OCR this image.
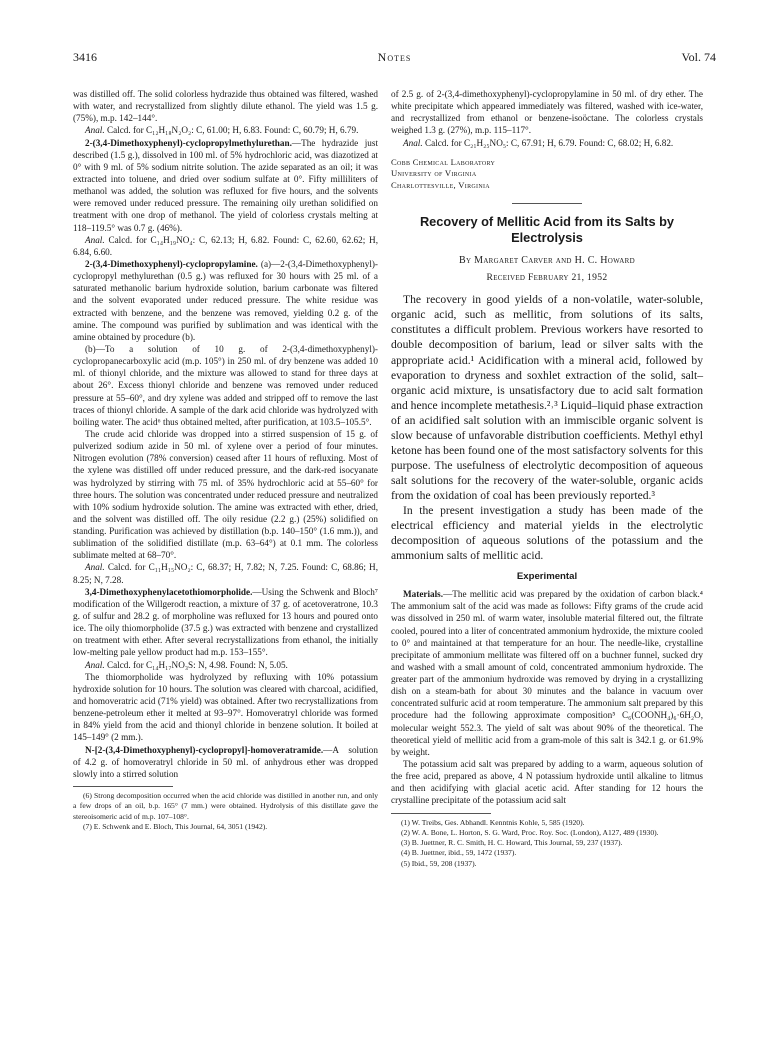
3416	Notes	Vol. 74

was distilled off. The solid colorless hydrazide thus obtained was filtered, washed with water, and recrystallized from slightly dilute ethanol. The yield was 1.5 g. (75%), m.p. 142–144°.

Anal. Calcd. for C₁₂H₁₈N₂O₂: C, 61.00; H, 6.83. Found: C, 60.79; H, 6.79.

2-(3,4-Dimethoxyphenyl)-cyclopropylmethylurethan.—The hydrazide just described (1.5 g.), dissolved in 100 ml. of 5% hydrochloric acid, was diazotized at 0° with 9 ml. of 5% sodium nitrite solution. The azide separated as an oil; it was extracted into toluene, and dried over sodium sulfate at 0°. Fifty milliliters of methanol was added, the solution was refluxed for five hours, and the solvents were removed under reduced pressure. The remaining oily urethan solidified on treatment with one drop of methanol. The yield of colorless crystals melting at 118–119.5° was 0.7 g. (46%).

Anal. Calcd. for C₁₄H₁₉NO₄: C, 62.13; H, 6.82. Found: C, 62.60, 62.62; H, 6.84, 6.60.

2-(3,4-Dimethoxyphenyl)-cyclopropylamine. (a)—2-(3,4-Dimethoxyphenyl)-cyclopropyl methylurethan (0.5 g.) was refluxed for 30 hours with 25 ml. of a saturated methanolic barium hydroxide solution, barium carbonate was filtered and the solvent evaporated under reduced pressure. The white residue was extracted with benzene, and the benzene was removed, yielding 0.2 g. of the amine. The compound was purified by sublimation and was identical with the amine obtained by procedure (b).

(b)—To a solution of 10 g. of 2-(3,4-dimethoxyphenyl)-cyclopropanecarboxylic acid (m.p. 105°) in 250 ml. of dry benzene was added 10 ml. of thionyl chloride, and the mixture was allowed to stand for three days at about 26°. Excess thionyl chloride and benzene was removed under reduced pressure at 55–60°, and dry xylene was added and stripped off to remove the last traces of thionyl chloride. A sample of the dark acid chloride was hydrolyzed with boiling water. The acid⁶ thus obtained melted, after purification, at 103.5–105.5°.

The crude acid chloride was dropped into a stirred suspension of 15 g. of pulverized sodium azide in 50 ml. of xylene over a period of four minutes. Nitrogen evolution (78% conversion) ceased after 11 hours of refluxing. Most of the xylene was distilled off under reduced pressure, and the dark-red isocyanate was hydrolyzed by stirring with 75 ml. of 35% hydrochloric acid at 55–60° for three hours. The solution was concentrated under reduced pressure and neutralized with 10% sodium hydroxide solution. The amine was extracted with ether, dried, and the solvent was distilled off. The oily residue (2.2 g.) (25%) solidified on standing. Purification was achieved by distillation (b.p. 140–150° (1.6 mm.)), and sublimation of the solidified distillate (m.p. 63–64°) at 0.1 mm. The colorless sublimate melted at 68–70°.

Anal. Calcd. for C₁₁H₁₅NO₂: C, 68.37; H, 7.82; N, 7.25. Found: C, 68.86; H, 8.25; N, 7.28.

3,4-Dimethoxyphenylacetothiomorpholide.—Using the Schwenk and Bloch⁷ modification of the Willgerodt reaction, a mixture of 37 g. of acetoveratrone, 10.3 g. of sulfur and 28.2 g. of morpholine was refluxed for 13 hours and poured onto ice. The oily thiomorpholide (37.5 g.) was extracted with benzene and crystallized on treatment with ether. After several recrystallizations from ethanol, the initially low-melting pale yellow product had m.p. 153–155°.

Anal. Calcd. for C₁₄H₁₇NO₃S: N, 4.98. Found: N, 5.05.

The thiomorpholide was hydrolyzed by refluxing with 10% potassium hydroxide solution for 10 hours. The solution was cleared with charcoal, acidified, and homoveratric acid (71% yield) was obtained. After two recrystallizations from benzene-petroleum ether it melted at 93–97°. Homoveratryl chloride was formed in 84% yield from the acid and thionyl chloride in benzene solution. It boiled at 145–149° (2 mm.).

N-[2-(3,4-Dimethoxyphenyl)-cyclopropyl]-homoveratramide.—A solution of 4.2 g. of homoveratryl chloride in 50 ml. of anhydrous ether was dropped slowly into a stirred solution

(6) Strong decomposition occurred when the acid chloride was distilled in another run, and only a few drops of an oil, b.p. 165° (7 mm.) were obtained. Hydrolysis of this distillate gave the stereoisomeric acid of m.p. 107–108°.

(7) E. Schwenk and E. Bloch, This Journal, 64, 3051 (1942).

of 2.5 g. of 2-(3,4-dimethoxyphenyl)-cyclopropylamine in 50 ml. of dry ether. The white precipitate which appeared immediately was filtered, washed with ice-water, and recrystallized from ethanol or benzene-isoöctane. The colorless crystals weighed 1.3 g. (27%), m.p. 115–117°.

Anal. Calcd. for C₂₁H₂₅NO₅: C, 67.91; H, 6.79. Found: C, 68.02; H, 6.82.

Cobb Chemical Laboratory
University of Virginia
Charlottesville, Virginia
Recovery of Mellitic Acid from its Salts by Electrolysis
By Margaret Carver and H. C. Howard
Received February 21, 1952

The recovery in good yields of a non-volatile, water-soluble, organic acid, such as mellitic, from solutions of its salts, constitutes a difficult problem. Previous workers have resorted to double decomposition of barium, lead or silver salts with the appropriate acid.¹ Acidification with a mineral acid, followed by evaporation to dryness and soxhlet extraction of the solid, salt–organic acid mixture, is unsatisfactory due to acid salt formation and hence incomplete metathesis.²˒³ Liquid–liquid phase extraction of an acidified salt solution with an immiscible organic solvent is slow because of unfavorable distribution coefficients. Methyl ethyl ketone has been found one of the most satisfactory solvents for this purpose. The usefulness of electrolytic decomposition of aqueous salt solutions for the recovery of the water-soluble, organic acids from the oxidation of coal has been previously reported.³

In the present investigation a study has been made of the electrical efficiency and material yields in the electrolytic decomposition of aqueous solutions of the potassium and the ammonium salts of mellitic acid.

Experimental

Materials.—The mellitic acid was prepared by the oxidation of carbon black.⁴ The ammonium salt of the acid was made as follows: Fifty grams of the crude acid was dissolved in 250 ml. of warm water, insoluble material filtered out, the filtrate cooled, poured into a liter of concentrated ammonium hydroxide, the mixture cooled to 0° and maintained at that temperature for an hour. The needle-like, crystalline precipitate of ammonium mellitate was filtered off on a buchner funnel, sucked dry and washed with a small amount of cold, concentrated ammonium hydroxide. The greater part of the ammonium hydroxide was removed by drying in a crystallizing dish on a steam-bath for about 30 minutes and the balance in vacuum over concentrated sulfuric acid at room temperature. The ammonium salt prepared by this procedure had the following approximate composition⁵ C₆(COONH₄)₆·6H₂O, molecular weight 552.3. The yield of salt was about 90% of the theoretical. The theoretical yield of mellitic acid from a gram-mole of this salt is 342.1 g. or 61.9% by weight.

The potassium acid salt was prepared by adding to a warm, aqueous solution of the free acid, prepared as above, 4 N potassium hydroxide until alkaline to litmus and then acidifying with glacial acetic acid. After standing for 12 hours the crystalline precipitate of the potassium acid salt

(1) W. Treibs, Ges. Abhandl. Kenntnis Kohle, 5, 585 (1920).

(2) W. A. Bone, L. Horton, S. G. Ward, Proc. Roy. Soc. (London), A127, 489 (1930).

(3) B. Juettner, R. C. Smith, H. C. Howard, This Journal, 59, 237 (1937).

(4) B. Juettner, ibid., 59, 1472 (1937).

(5) Ibid., 59, 208 (1937).
